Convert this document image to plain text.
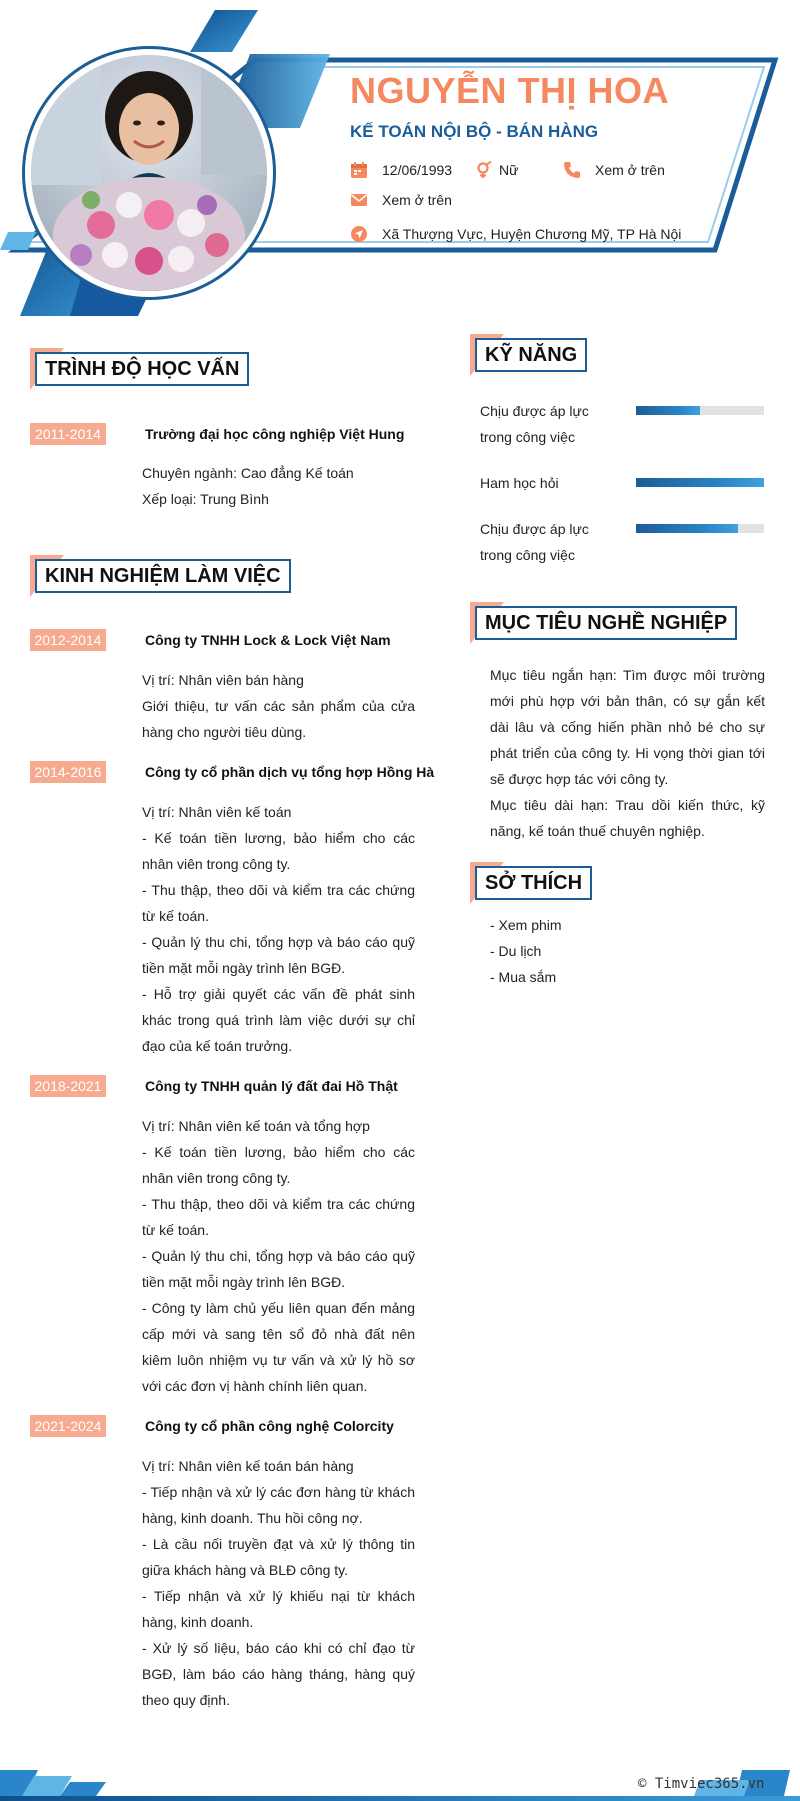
NGUYỄN THỊ HOA
KẾ TOÁN NỘI BỘ - BÁN HÀNG
12/06/1993	Nữ	Xem ở trên
Xem ở trên
Xã Thượng Vực, Huyện Chương Mỹ, TP Hà Nội
TRÌNH ĐỘ HỌC VẤN
2011-2014	Trường đại học công nghiệp Việt Hung

Chuyên ngành: Cao đẳng Kế toán

Xếp loại: Trung Bình

KINH NGHIỆM LÀM VIỆC
2012-2014	Công ty TNHH Lock & Lock Việt Nam

Vị trí: Nhân viên bán hàng

Giới thiệu, tư vấn các sản phẩm của cửa hàng cho người tiêu dùng.

2014-2016	Công ty cổ phần dịch vụ tổng hợp Hồng Hà

Vị trí: Nhân viên kế toán

- Kế toán tiền lương, bảo hiểm cho các nhân viên trong công ty.

- Thu thập, theo dõi và kiểm tra các chứng từ kế toán.

- Quản lý thu chi, tổng hợp và báo cáo quỹ tiền mặt mỗi ngày trình lên BGĐ.

- Hỗ trợ giải quyết các vấn đề phát sinh khác trong quá trình làm việc dưới sự chỉ đạo của kế toán trưởng.

2018-2021	Công ty TNHH quản lý đất đai Hồ Thật

Vị trí: Nhân viên kế toán và tổng hợp

- Kế toán tiền lương, bảo hiểm cho các nhân viên trong công ty.

- Thu thập, theo dõi và kiểm tra các chứng từ kế toán.

- Quản lý thu chi, tổng hợp và báo cáo quỹ tiền mặt mỗi ngày trình lên BGĐ.

- Công ty làm chủ yếu liên quan đến mảng cấp mới và sang tên sổ đỏ nhà đất nên kiêm luôn nhiệm vụ tư vấn và xử lý hồ sơ với các đơn vị hành chính liên quan.

2021-2024	Công ty cổ phần công nghệ Colorcity

Vị trí: Nhân viên kế toán bán hàng

- Tiếp nhận và xử lý các đơn hàng từ khách hàng, kinh doanh. Thu hồi công nợ.

- Là cầu nối truyền đạt và xử lý thông tin giữa khách hàng và BLĐ công ty.

- Tiếp nhận và xử lý khiếu nại từ khách hàng, kinh doanh.

- Xử lý số liệu, báo cáo khi có chỉ đạo từ BGĐ, làm báo cáo hàng tháng, hàng quý theo quy định.

KỸ NĂNG
Chịu được áp lực trong công việc
Ham học hỏi
Chịu được áp lực trong công việc
MỤC TIÊU NGHỀ NGHIỆP

Mục tiêu ngắn hạn: Tìm được môi trường mới phù hợp với bản thân, có sự gắn kết dài lâu và cống hiến phần nhỏ bé cho sự phát triển của công ty. Hi vọng thời gian tới sẽ được hợp tác với công ty.

Mục tiêu dài hạn: Trau dồi kiến thức, kỹ năng, kế toán thuế chuyên nghiệp.

SỞ THÍCH
- Xem phim
- Du lịch
- Mua sắm
© Timviec365.vn
